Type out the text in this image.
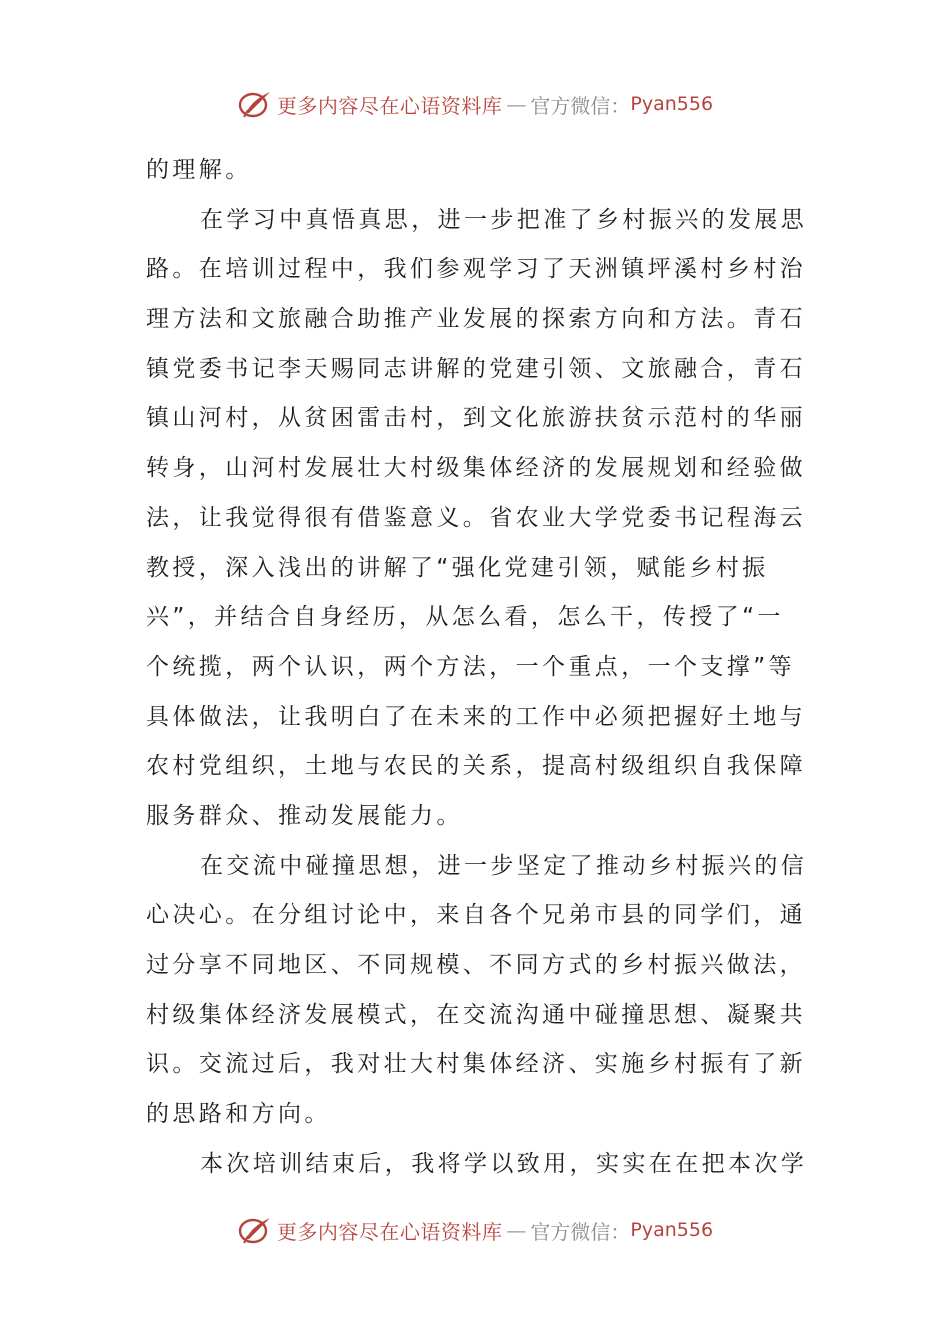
更多内容尽在心语资料库 — 官方微信： Pyan556
的理解。
在学习中真悟真思，进一步把准了乡村振兴的发展思
路。在培训过程中，我们参观学习了天洲镇坪溪村乡村治
理方法和文旅融合助推产业发展的探索方向和方法。青石
镇党委书记李天赐同志讲解的党建引领、文旅融合，青石
镇山河村，从贫困雷击村，到文化旅游扶贫示范村的华丽
转身，山河村发展壮大村级集体经济的发展规划和经验做
法，让我觉得很有借鉴意义。省农业大学党委书记程海云
教授，深入浅出的讲解了“强化党建引领，赋能乡村振
兴”，并结合自身经历，从怎么看，怎么干，传授了“一
个统揽，两个认识，两个方法，一个重点，一个支撑”等
具体做法，让我明白了在未来的工作中必须把握好土地与
农村党组织，土地与农民的关系，提高村级组织自我保障
服务群众、推动发展能力。
在交流中碰撞思想，进一步坚定了推动乡村振兴的信
心决心。在分组讨论中，来自各个兄弟市县的同学们，通
过分享不同地区、不同规模、不同方式的乡村振兴做法，
村级集体经济发展模式，在交流沟通中碰撞思想、凝聚共
识。交流过后，我对壮大村集体经济、实施乡村振有了新
的思路和方向。
本次培训结束后，我将学以致用，实实在在把本次学
更多内容尽在心语资料库 — 官方微信： Pyan556
